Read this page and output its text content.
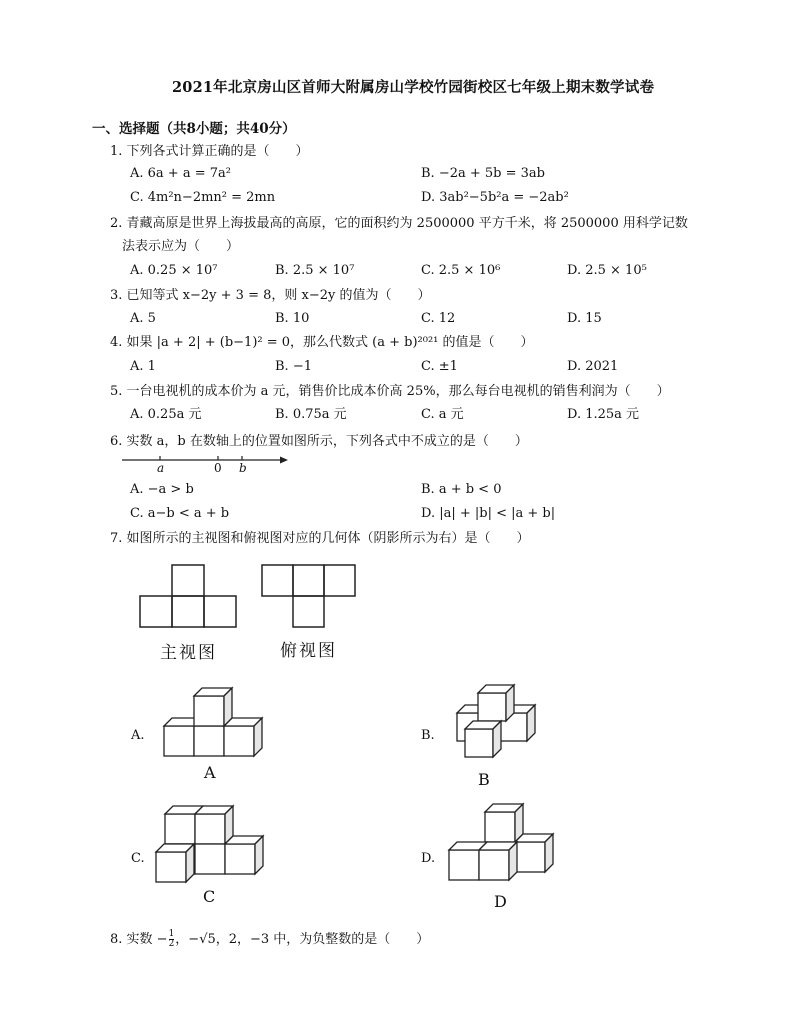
2021年北京房山区首师大附属房山学校竹园街校区七年级上期末数学试卷
一、选择题（共8小题；共40分）
1. 下列各式计算正确的是（　　）
A. 6a + a = 7a²	B. −2a + 5b = 3ab
C. 4m²n−2mn² = 2mn	D. 3ab²−5b²a = −2ab²
2. 青藏高原是世界上海拔最高的高原，它的面积约为 2500000 平方千米，将 2500000 用科学记数
法表示应为（　　）
A. 0.25 × 10⁷	B. 2.5 × 10⁷	C. 2.5 × 10⁶	D. 2.5 × 10⁵
3. 已知等式 x−2y + 3 = 8，则 x−2y 的值为（　　）
A. 5	B. 10	C. 12	D. 15
4. 如果 |a + 2| + (b−1)² = 0，那么代数式 (a + b)²⁰²¹ 的值是（　　）
A. 1	B. −1	C. ±1	D. 2021
5. 一台电视机的成本价为 a 元，销售价比成本价高 25%，那么每台电视机的销售利润为（　　）
A. 0.25a 元	B. 0.75a 元	C. a 元	D. 1.25a 元
6. 实数 a，b 在数轴上的位置如图所示，下列各式中不成立的是（　　）
a	0 b
A. −a > b	B. a + b < 0
C. a−b < a + b	D. |a| + |b| < |a + b|
7. 如图所示的主视图和俯视图对应的几何体（阴影所示为右）是（　　）
主视图	俯视图
A.
A
B.
B
C.
C
D.
D
8. 实数 − $\frac{1}{2}$ ，−√5，2，−3 中，为负整数的是（　　）
